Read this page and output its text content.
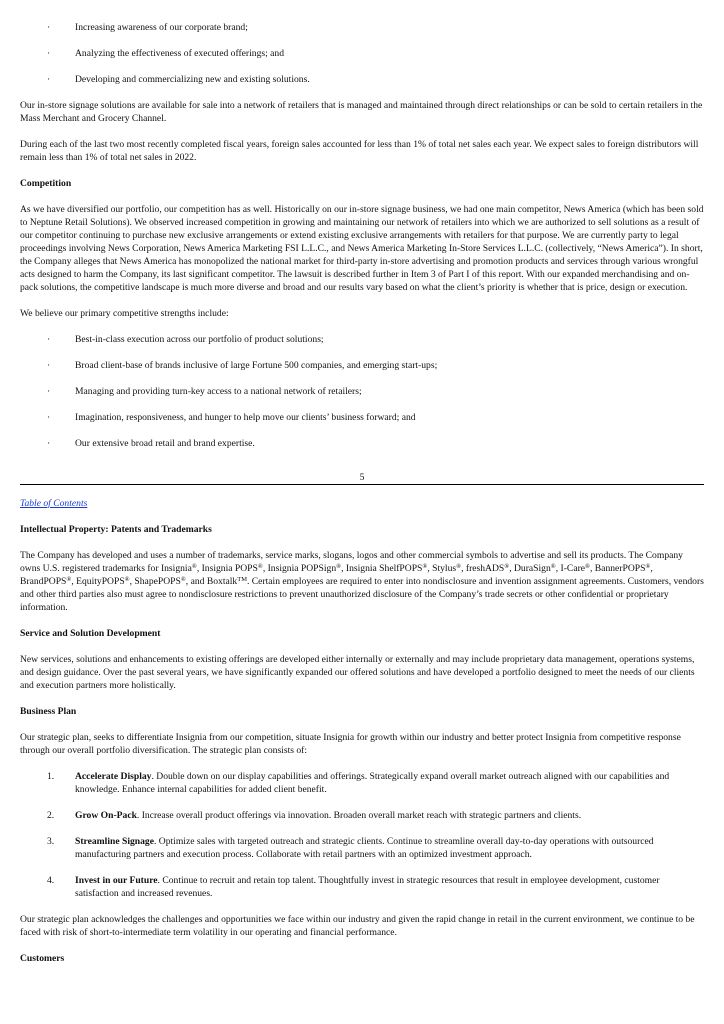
·	Increasing awareness of our corporate brand;
·	Analyzing the effectiveness of executed offerings; and
·	Developing and commercializing new and existing solutions.

Our in-store signage solutions are available for sale into a network of retailers that is managed and maintained through direct relationships or can be sold to certain retailers in the Mass Merchant and Grocery Channel.

During each of the last two most recently completed fiscal years, foreign sales accounted for less than 1% of total net sales each year. We expect sales to foreign distributors will remain less than 1% of total net sales in 2022.

Competition

As we have diversified our portfolio, our competition has as well. Historically on our in-store signage business, we had one main competitor, News America (which has been sold to Neptune Retail Solutions). We observed increased competition in growing and maintaining our network of retailers into which we are authorized to sell solutions as a result of our competitor continuing to purchase new exclusive arrangements or extend existing exclusive arrangements with retailers for that purpose. We are currently party to legal proceedings involving News Corporation, News America Marketing FSI L.L.C., and News America Marketing In-Store Services L.L.C. (collectively, “News America”). In short, the Company alleges that News America has monopolized the national market for third-party in-store advertising and promotion products and services through various wrongful acts designed to harm the Company, its last significant competitor. The lawsuit is described further in Item 3 of Part I of this report. With our expanded merchandising and on-pack solutions, the competitive landscape is much more diverse and broad and our results vary based on what the client’s priority is whether that is price, design or execution.

We believe our primary competitive strengths include:

·	Best-in-class execution across our portfolio of product solutions;
·	Broad client-base of brands inclusive of large Fortune 500 companies, and emerging start-ups;
·	Managing and providing turn-key access to a national network of retailers;
·	Imagination, responsiveness, and hunger to help move our clients’ business forward; and
·	Our extensive broad retail and brand expertise.

5

Table of Contents

Intellectual Property: Patents and Trademarks

The Company has developed and uses a number of trademarks, service marks, slogans, logos and other commercial symbols to advertise and sell its products. The Company owns U.S. registered trademarks for Insignia®, Insignia POPS®, Insignia POPSign®, Insignia ShelfPOPS®, Stylus®, freshADS®, DuraSign®, I-Care®, BannerPOPS®, BrandPOPS®, EquityPOPS®, ShapePOPS®, and Boxtalk™. Certain employees are required to enter into nondisclosure and invention assignment agreements. Customers, vendors and other third parties also must agree to nondisclosure restrictions to prevent unauthorized disclosure of the Company’s trade secrets or other confidential or proprietary information.

Service and Solution Development

New services, solutions and enhancements to existing offerings are developed either internally or externally and may include proprietary data management, operations systems, and design guidance. Over the past several years, we have significantly expanded our offered solutions and have developed a portfolio designed to meet the needs of our clients and execution partners more holistically.

Business Plan

Our strategic plan, seeks to differentiate Insignia from our competition, situate Insignia for growth within our industry and better protect Insignia from competitive response through our overall portfolio diversification. The strategic plan consists of:

1. Accelerate Display. Double down on our display capabilities and offerings. Strategically expand overall market outreach aligned with our capabilities and knowledge. Enhance internal capabilities for added client benefit.
2. Grow On-Pack. Increase overall product offerings via innovation. Broaden overall market reach with strategic partners and clients.
3. Streamline Signage. Optimize sales with targeted outreach and strategic clients. Continue to streamline overall day-to-day operations with outsourced manufacturing partners and execution process. Collaborate with retail partners with an optimized investment approach.
4. Invest in our Future. Continue to recruit and retain top talent. Thoughtfully invest in strategic resources that result in employee development, customer satisfaction and increased revenues.

Our strategic plan acknowledges the challenges and opportunities we face within our industry and given the rapid change in retail in the current environment, we continue to be faced with risk of short-to-intermediate term volatility in our operating and financial performance.

Customers
